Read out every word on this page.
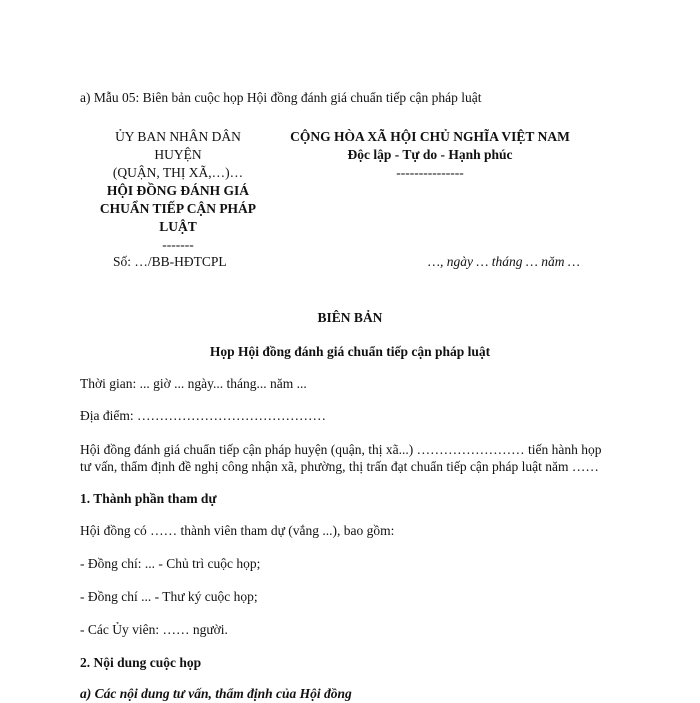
a) Mẫu 05: Biên bản cuộc họp Hội đồng đánh giá chuẩn tiếp cận pháp luật
ỦY BAN NHÂN DÂN
HUYỆN
(QUẬN, THỊ XÃ,…)…
HỘI ĐỒNG ĐÁNH GIÁ
CHUẨN TIẾP CẬN PHÁP
LUẬT
-------
Số: …/BB-HĐTCPL
CỘNG HÒA XÃ HỘI CHỦ NGHĨA VIỆT NAM
Độc lập - Tự do - Hạnh phúc
---------------
…, ngày … tháng … năm …
BIÊN BẢN
Họp Hội đồng đánh giá chuẩn tiếp cận pháp luật
Thời gian: ... giờ ... ngày... tháng... năm ...
Địa điểm: ……………………………………
Hội đồng đánh giá chuẩn tiếp cận pháp huyện (quận, thị xã...) …………………… tiến hành họp
tư vấn, thẩm định đề nghị công nhận xã, phường, thị trấn đạt chuẩn tiếp cận pháp luật năm ……
1. Thành phần tham dự
Hội đồng có …… thành viên tham dự (vắng ...), bao gồm:
- Đồng chí: ... - Chủ trì cuộc họp;
- Đồng chí ... - Thư ký cuộc họp;
- Các Ủy viên: …… người.
2. Nội dung cuộc họp
a) Các nội dung tư vấn, thẩm định của Hội đồng
